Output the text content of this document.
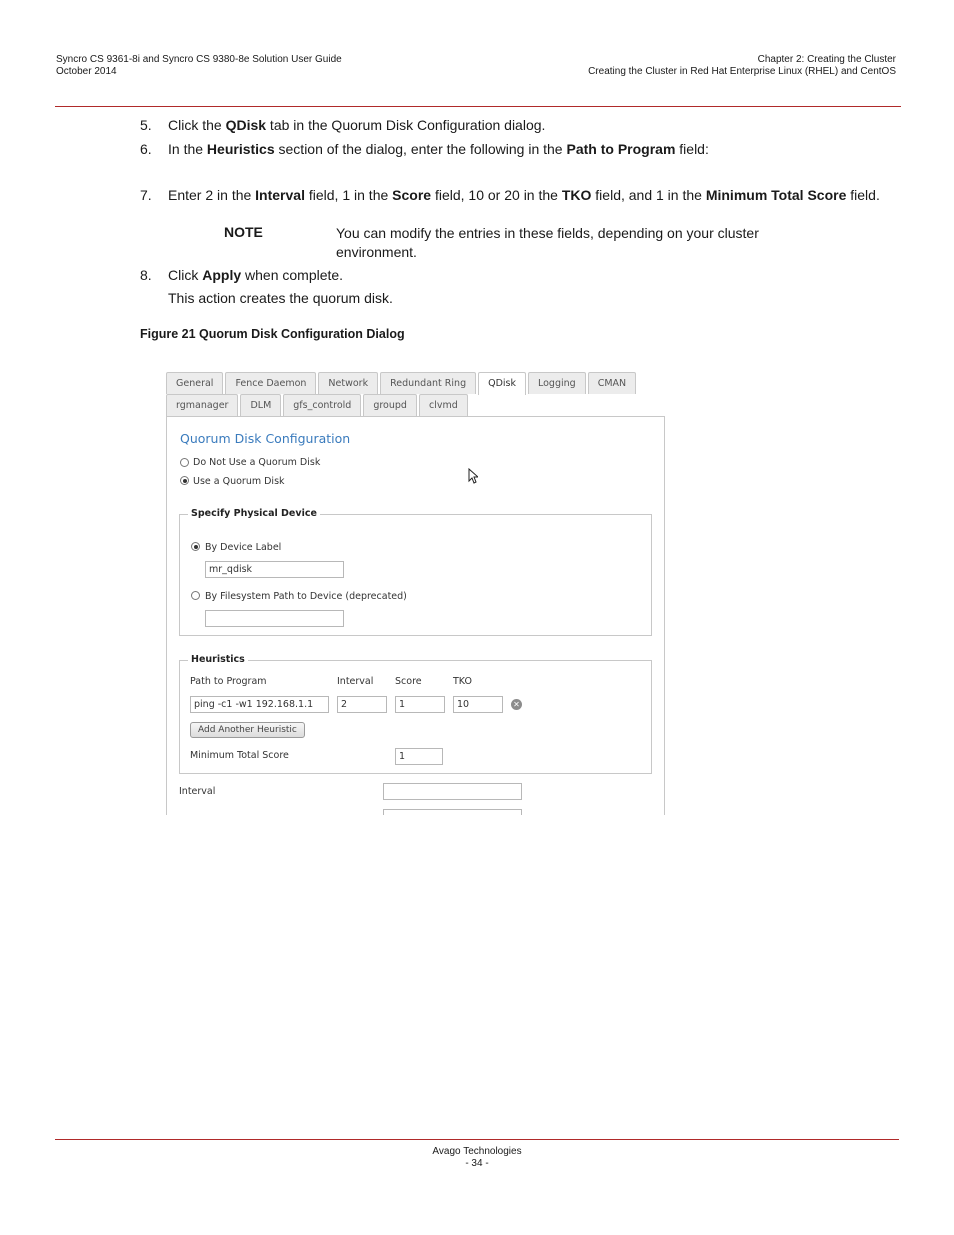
Syncro CS 9361-8i and Syncro CS 9380-8e Solution User Guide
October 2014
Chapter 2: Creating the Cluster
Creating the Cluster in Red Hat Enterprise Linux (RHEL) and CentOS
5. Click the QDisk tab in the Quorum Disk Configuration dialog.
6. In the Heuristics section of the dialog, enter the following in the Path to Program field:
7. Enter 2 in the Interval field, 1 in the Score field, 10 or 20 in the TKO field, and 1 in the Minimum Total Score field.
NOTE	You can modify the entries in these fields, depending on your cluster environment.
8. Click Apply when complete.
This action creates the quorum disk.
Figure 21 Quorum Disk Configuration Dialog
General	Fence Daemon	Network	Redundant Ring	QDisk	Logging	CMAN
rgmanager	DLM	gfs_controld	groupd	clvmd
Quorum Disk Configuration
Do Not Use a Quorum Disk
Use a Quorum Disk
Specify Physical Device
By Device Label
mr_qdisk
By Filesystem Path to Device (deprecated)
Heuristics
Path to Program	Interval Score	TKO
ping -c1 -w1 192.168.1.1	2	1	10	✕
Add Another Heuristic
Minimum Total Score	1
Interval
Avago Technologies
- 34 -
